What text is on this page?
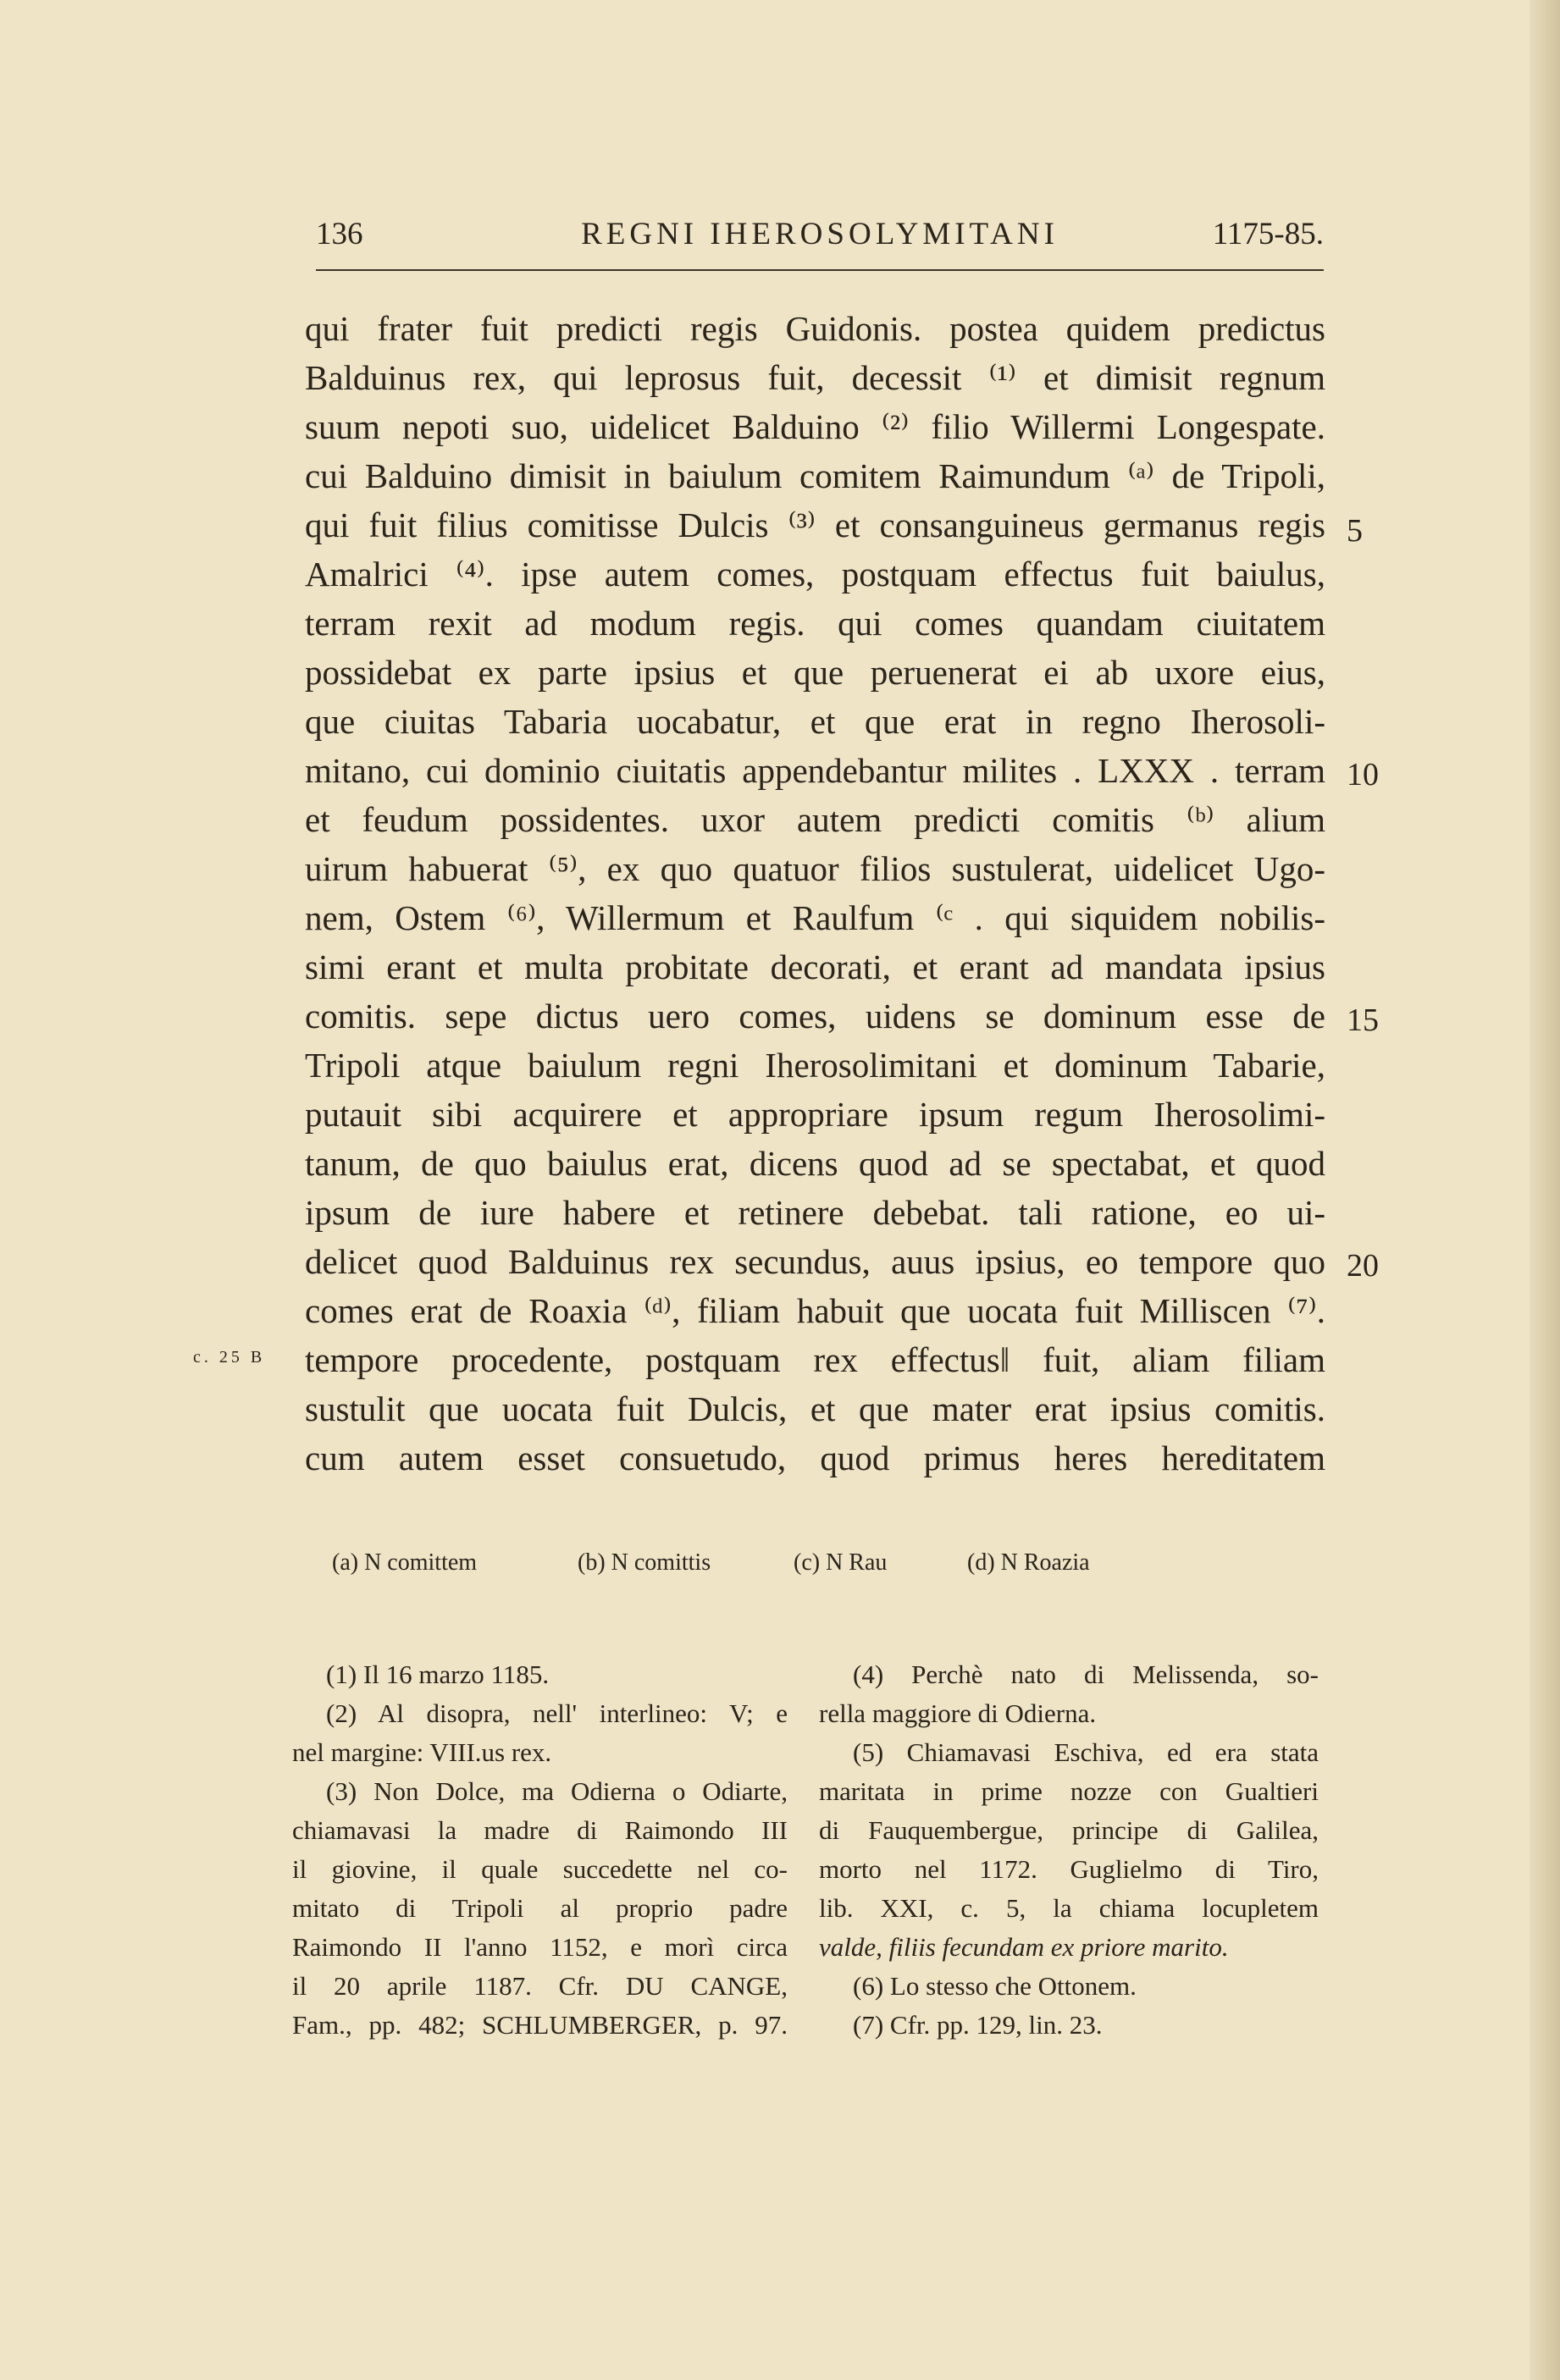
136	REGNI IHEROSOLYMITANI	1175-85.
qui frater fuit predicti regis Guidonis. postea quidem predictus
Balduinus rex, qui leprosus fuit, decessit ⁽¹⁾ et dimisit regnum
suum nepoti suo, uidelicet Balduino ⁽²⁾ filio Willermi Longespate.
cui Balduino dimisit in baiulum comitem Raimundum ⁽ᵃ⁾ de Tripoli,
qui fuit filius comitisse Dulcis ⁽³⁾ et consanguineus germanus regis
Amalrici ⁽⁴⁾. ipse autem comes, postquam effectus fuit baiulus,
terram rexit ad modum regis. qui comes quandam ciuitatem
possidebat ex parte ipsius et que peruenerat ei ab uxore eius,
que ciuitas Tabaria uocabatur, et que erat in regno Iherosoli-
mitano, cui dominio ciuitatis appendebantur milites . LXXX . terram
et feudum possidentes. uxor autem predicti comitis ⁽ᵇ⁾ alium
uirum habuerat ⁽⁵⁾, ex quo quatuor filios sustulerat, uidelicet Ugo-
nem, Ostem ⁽⁶⁾, Willermum et Raulfum ⁽ᶜ . qui siquidem nobilis-
simi erant et multa probitate decorati, et erant ad mandata ipsius
comitis. sepe dictus uero comes, uidens se dominum esse de
Tripoli atque baiulum regni Iherosolimitani et dominum Tabarie,
putauit sibi acquirere et appropriare ipsum regum Iherosolimi-
tanum, de quo baiulus erat, dicens quod ad se spectabat, et quod
ipsum de iure habere et retinere debebat. tali ratione, eo ui-
delicet quod Balduinus rex secundus, auus ipsius, eo tempore quo
comes erat de Roaxia ⁽ᵈ⁾, filiam habuit que uocata fuit Milliscen ⁽⁷⁾.
tempore procedente, postquam rex effectus‖ fuit, aliam filiam
sustulit que uocata fuit Dulcis, et que mater erat ipsius comitis.
cum autem esset consuetudo, quod primus heres hereditatem
5
10
15
20
c. 25 B
(a) N comittem	(b) N comittis	(c) N Rau	(d) N Roazia
(1) Il 16 marzo 1185.
(2) Al disopra, nell' interlineo: V; e
nel margine: VIII.us rex.
(3) Non Dolce, ma Odierna o Odiarte,
chiamavasi la madre di Raimondo III
il giovine, il quale succedette nel co-
mitato di Tripoli al proprio padre
Raimondo II l'anno 1152, e morì circa
il 20 aprile 1187. Cfr. DU CANGE,
Fam., pp. 482; SCHLUMBERGER, p. 97.
(4) Perchè nato di Melissenda, so-
rella maggiore di Odierna.
(5) Chiamavasi Eschiva, ed era stata
maritata in prime nozze con Gualtieri
di Fauquembergue, principe di Galilea,
morto nel 1172. Guglielmo di Tiro,
lib. XXI, c. 5, la chiama locupletem
valde, filiis fecundam ex priore marito.
(6) Lo stesso che Ottonem.
(7) Cfr. pp. 129, lin. 23.
